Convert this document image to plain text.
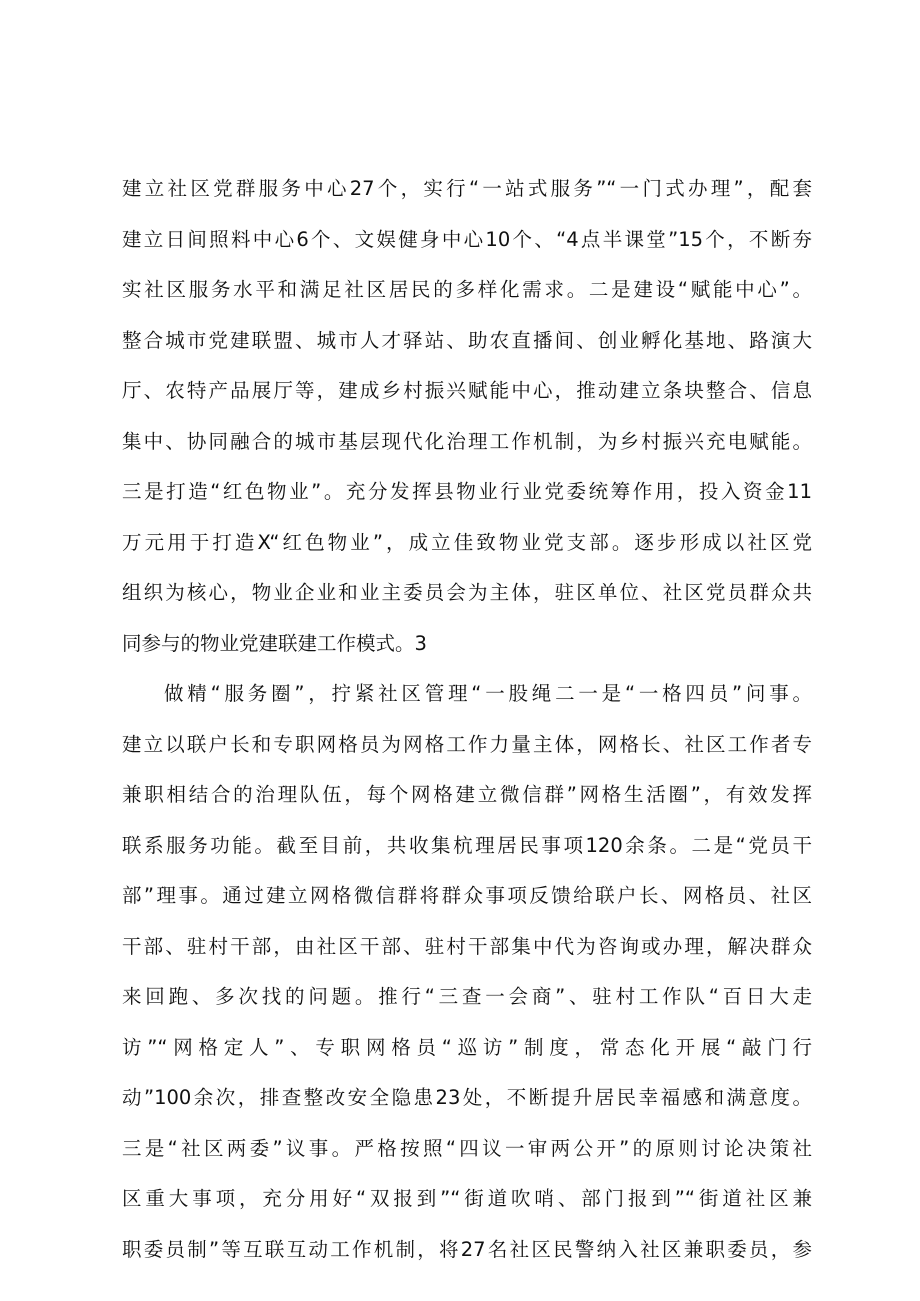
建立社区党群服务中心27个，实行“一站式服务”“一门式办理”，配套
建立日间照料中心6个、文娱健身中心10个、“4点半课堂”15个，不断夯
实社区服务水平和满足社区居民的多样化需求。二是建设“赋能中心”。
整合城市党建联盟、城市人才驿站、助农直播间、创业孵化基地、路演大
厅、农特产品展厅等，建成乡村振兴赋能中心，推动建立条块整合、信息
集中、协同融合的城市基层现代化治理工作机制，为乡村振兴充电赋能。
三是打造“红色物业”。充分发挥县物业行业党委统筹作用，投入资金11
万元用于打造X“红色物业”，成立佳致物业党支部。逐步形成以社区党
组织为核心，物业企业和业主委员会为主体，驻区单位、社区党员群众共
同参与的物业党建联建工作模式。3
做精“服务圈”，拧紧社区管理“一股绳二一是“一格四员”问事。
建立以联户长和专职网格员为网格工作力量主体，网格长、社区工作者专
兼职相结合的治理队伍，每个网格建立微信群”网格生活圈”，有效发挥
联系服务功能。截至目前，共收集杭理居民事项120余条。二是“党员干
部”理事。通过建立网格微信群将群众事项反馈给联户长、网格员、社区
干部、驻村干部，由社区干部、驻村干部集中代为咨询或办理，解决群众
来回跑、多次找的问题。推行“三查一会商”、驻村工作队“百日大走
访”“网格定人”、专职网格员“巡访”制度，常态化开展“敲门行
动”100余次，排查整改安全隐患23处，不断提升居民幸福感和满意度。
三是“社区两委”议事。严格按照“四议一审两公开”的原则讨论决策社
区重大事项，充分用好“双报到”“街道吹哨、部门报到”“街道社区兼
职委员制”等互联互动工作机制，将27名社区民警纳入社区兼职委员，参
